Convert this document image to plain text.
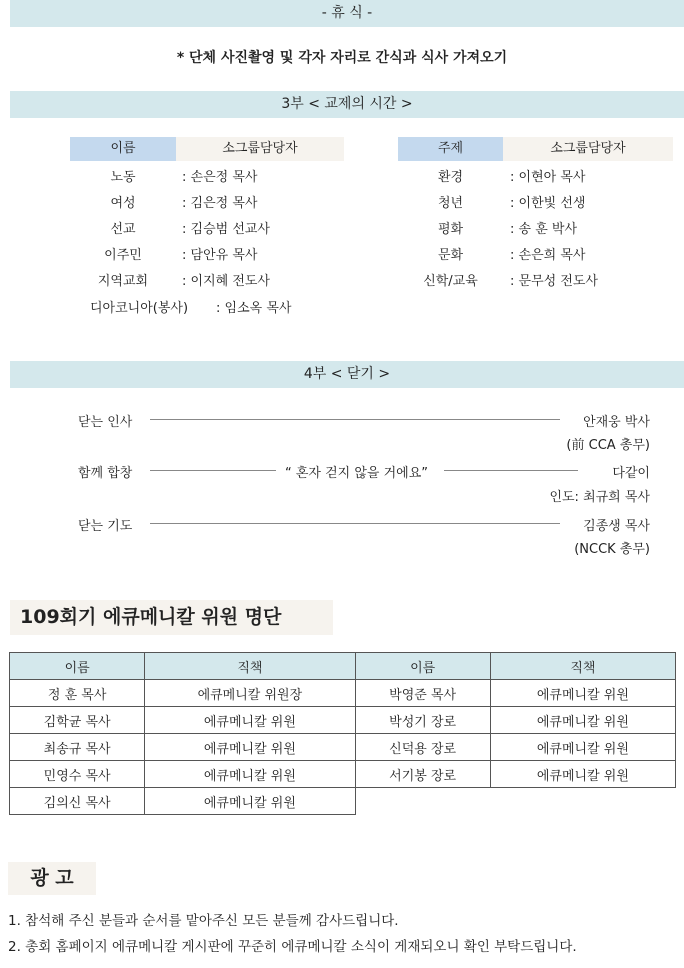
- 휴 식 -
* 단체 사진촬영 및 각자 자리로 간식과 식사 가져오기
3부 < 교제의 시간 >
이름	소그룹담당자	주제	소그룹담당자
노동	: 손은정 목사
여성	: 김은정 목사
선교	: 김승범 선교사
이주민	: 담안유 목사
지역교회	: 이지혜 전도사
디아코니아(봉사) : 임소옥 목사
환경	: 이현아 목사
청년	: 이한빛 선생
평화	: 송 훈 박사
문화	: 손은희 목사
신학/교육	: 문무성 전도사
4부 < 닫기 >
닫는 인사	안재웅 박사
(前 CCA 총무)
함께 합창	“ 혼자 걷지 않을 거에요”	다같이
인도: 최규희 목사
닫는 기도	김종생 목사
(NCCK 총무)
109회기 에큐메니칼 위원 명단
이름	직책	이름	직책
정 훈 목사	에큐메니칼 위원장	박영준 목사	에큐메니칼 위원
김학균 목사	에큐메니칼 위원	박성기 장로	에큐메니칼 위원
최송규 목사	에큐메니칼 위원	신덕용 장로	에큐메니칼 위원
민영수 목사	에큐메니칼 위원	서기봉 장로	에큐메니칼 위원
김의신 목사	에큐메니칼 위원		
광 고
1. 참석해 주신 분들과 순서를 맡아주신 모든 분들께 감사드립니다.
2. 총회 홈페이지 에큐메니칼 게시판에 꾸준히 에큐메니칼 소식이 게재되오니 확인 부탁드립니다.
